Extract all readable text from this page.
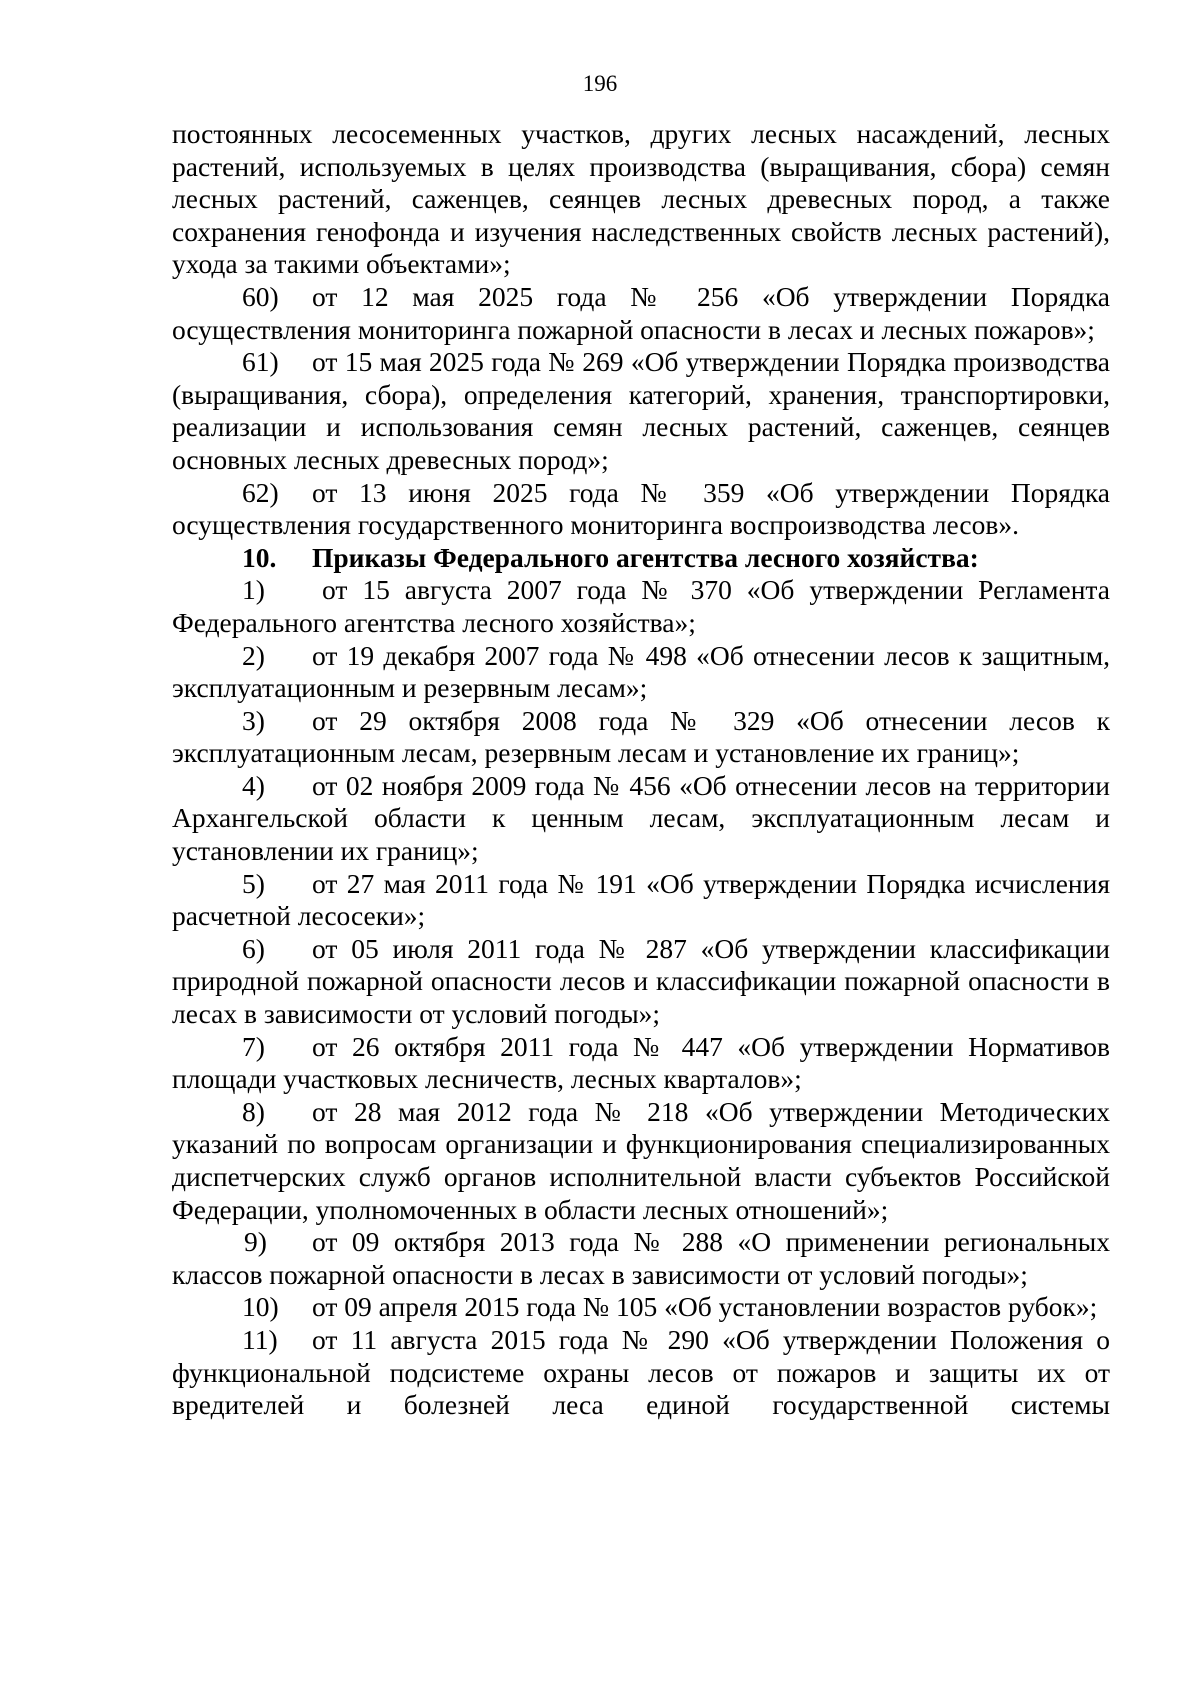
196

постоянных лесосеменных участков, других лесных насаждений, лесных растений, используемых в целях производства (выращивания, сбора) семян лесных растений, саженцев, сеянцев лесных древесных пород, а также сохранения генофонда и изучения наследственных свойств лесных растений), ухода за такими объектами»;

60) от 12 мая 2025 года № 256 «Об утверждении Порядка осуществления мониторинга пожарной опасности в лесах и лесных пожаров»;

61) от 15 мая 2025 года № 269 «Об утверждении Порядка производства (выращивания, сбора), определения категорий, хранения, транспортировки, реализации и использования семян лесных растений, саженцев, сеянцев основных лесных древесных пород»;

62) от 13 июня 2025 года № 359 «Об утверждении Порядка осуществления государственного мониторинга воспроизводства лесов».

10. Приказы Федерального агентства лесного хозяйства:

1) от 15 августа 2007 года № 370 «Об утверждении Регламента Федерального агентства лесного хозяйства»;

2) от 19 декабря 2007 года № 498 «Об отнесении лесов к защитным, эксплуатационным и резервным лесам»;

3) от 29 октября 2008 года № 329 «Об отнесении лесов к эксплуатационным лесам, резервным лесам и установление их границ»;

4) от 02 ноября 2009 года № 456 «Об отнесении лесов на территории Архангельской области к ценным лесам, эксплуатационным лесам и установлении их границ»;

5) от 27 мая 2011 года № 191 «Об утверждении Порядка исчисления расчетной лесосеки»;

6) от 05 июля 2011 года № 287 «Об утверждении классификации природной пожарной опасности лесов и классификации пожарной опасности в лесах в зависимости от условий погоды»;

7) от 26 октября 2011 года № 447 «Об утверждении Нормативов площади участковых лесничеств, лесных кварталов»;

8) от 28 мая 2012 года № 218 «Об утверждении Методических указаний по вопросам организации и функционирования специализированных диспетчерских служб органов исполнительной власти субъектов Российской Федерации, уполномоченных в области лесных отношений»;

9) от 09 октября 2013 года № 288 «О применении региональных классов пожарной опасности в лесах в зависимости от условий погоды»;

10) от 09 апреля 2015 года № 105 «Об установлении возрастов рубок»;

11) от 11 августа 2015 года № 290 «Об утверждении Положения о функциональной подсистеме охраны лесов от пожаров и защиты их от вредителей и болезней леса единой государственной системы
